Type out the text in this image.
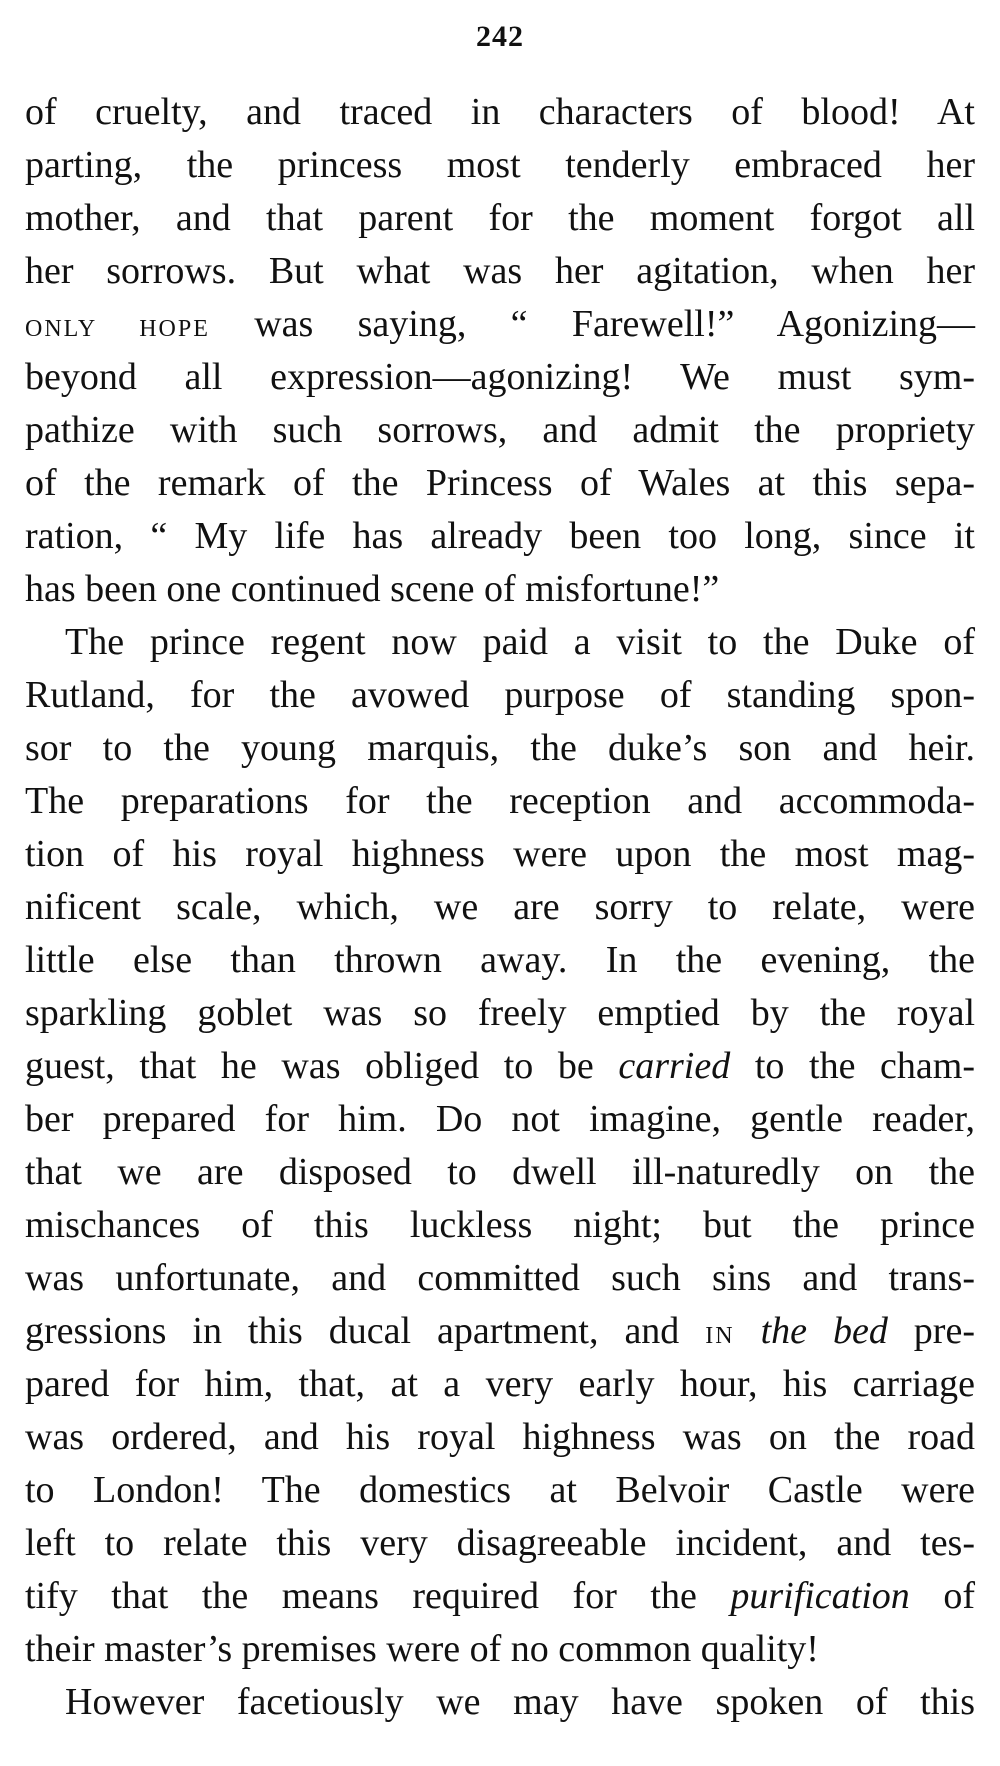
242
of cruelty, and traced in characters of blood! At
parting, the princess most tenderly embraced her
mother, and that parent for the moment forgot all
her sorrows. But what was her agitation, when her
ONLY HOPE was saying, “ Farewell!” Agonizing—
beyond all expression—agonizing! We must sym-
pathize with such sorrows, and admit the propriety
of the remark of the Princess of Wales at this sepa-
ration, “ My life has already been too long, since it
has been one continued scene of misfortune!”
The prince regent now paid a visit to the Duke of
Rutland, for the avowed purpose of standing spon-
sor to the young marquis, the duke’s son and heir.
The preparations for the reception and accommoda-
tion of his royal highness were upon the most mag-
nificent scale, which, we are sorry to relate, were
little else than thrown away. In the evening, the
sparkling goblet was so freely emptied by the royal
guest, that he was obliged to be carried to the cham-
ber prepared for him. Do not imagine, gentle reader,
that we are disposed to dwell ill-naturedly on the
mischances of this luckless night; but the prince
was unfortunate, and committed such sins and trans-
gressions in this ducal apartment, and IN the bed pre-
pared for him, that, at a very early hour, his carriage
was ordered, and his royal highness was on the road
to London! The domestics at Belvoir Castle were
left to relate this very disagreeable incident, and tes-
tify that the means required for the purification of
their master’s premises were of no common quality!
However facetiously we may have spoken of this
